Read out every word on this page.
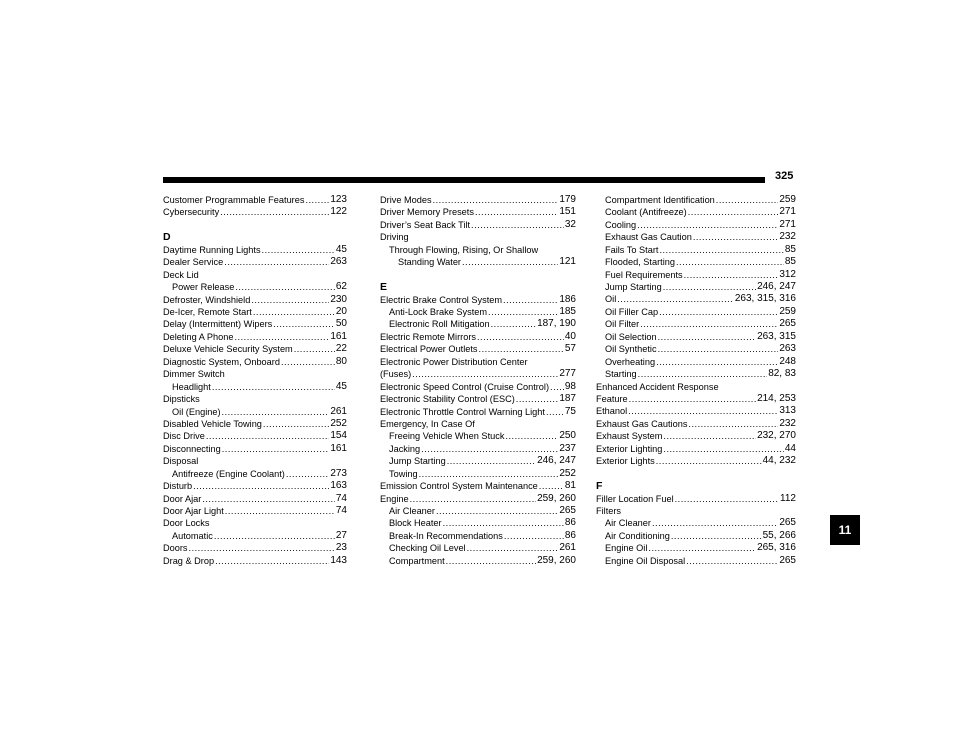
325
Customer Programmable Features .....	123
Cybersecurity .....	122
D
Daytime Running Lights .....	45
Dealer Service .....	263
Deck Lid
Power Release .....	62
Defroster, Windshield .....	230
De-Icer, Remote Start .....	20
Delay (Intermittent) Wipers .....	50
Deleting A Phone .....	161
Deluxe Vehicle Security System .....	22
Diagnostic System, Onboard .....	80
Dimmer Switch
Headlight .....	45
Dipsticks
Oil (Engine) .....	261
Disabled Vehicle Towing .....	252
Disc Drive .....	154
Disconnecting .....	161
Disposal
Antifreeze (Engine Coolant) .....	273
Disturb .....	163
Door Ajar .....	74
Door Ajar Light .....	74
Door Locks
Automatic .....	27
Doors .....	23
Drag & Drop .....	143
Drive Modes .....	179
Driver Memory Presets .....	151
Driver’s Seat Back Tilt .....	32
Driving
Through Flowing, Rising, Or Shallow
Standing Water .....	121
E
Electric Brake Control System .....	186
Anti-Lock Brake System .....	185
Electronic Roll Mitigation .....	187, 190
Electric Remote Mirrors .....	40
Electrical Power Outlets .....	57
Electronic Power Distribution Center
(Fuses) .....	277
Electronic Speed Control (Cruise Control) ..... 98
Electronic Stability Control (ESC) .....	187
Electronic Throttle Control Warning Light ..... 75
Emergency, In Case Of
Freeing Vehicle When Stuck .....	250
Jacking .....	237
Jump Starting .....	246, 247
Towing .....	252
Emission Control System Maintenance .....	81
Engine .....	259, 260
Air Cleaner .....	265
Block Heater .....	86
Break-In Recommendations .....	86
Checking Oil Level .....	261
Compartment .....	259, 260
Compartment Identification .....	259
Coolant (Antifreeze) .....	271
Cooling .....	271
Exhaust Gas Caution .....	232
Fails To Start .....	85
Flooded, Starting .....	85
Fuel Requirements .....	312
Jump Starting .....	246, 247
Oil .....	263, 315, 316
Oil Filler Cap .....	259
Oil Filter .....	265
Oil Selection .....	263, 315
Oil Synthetic .....	263
Overheating .....	248
Starting .....	82, 83
Enhanced Accident Response
Feature .....	214, 253
Ethanol .....	313
Exhaust Gas Cautions .....	232
Exhaust System .....	232, 270
Exterior Lighting .....	44
Exterior Lights .....	44, 232
F
Filler Location Fuel .....	112
Filters
Air Cleaner .....	265
Air Conditioning .....	55, 266
Engine Oil .....	265, 316
Engine Oil Disposal .....	265
11
